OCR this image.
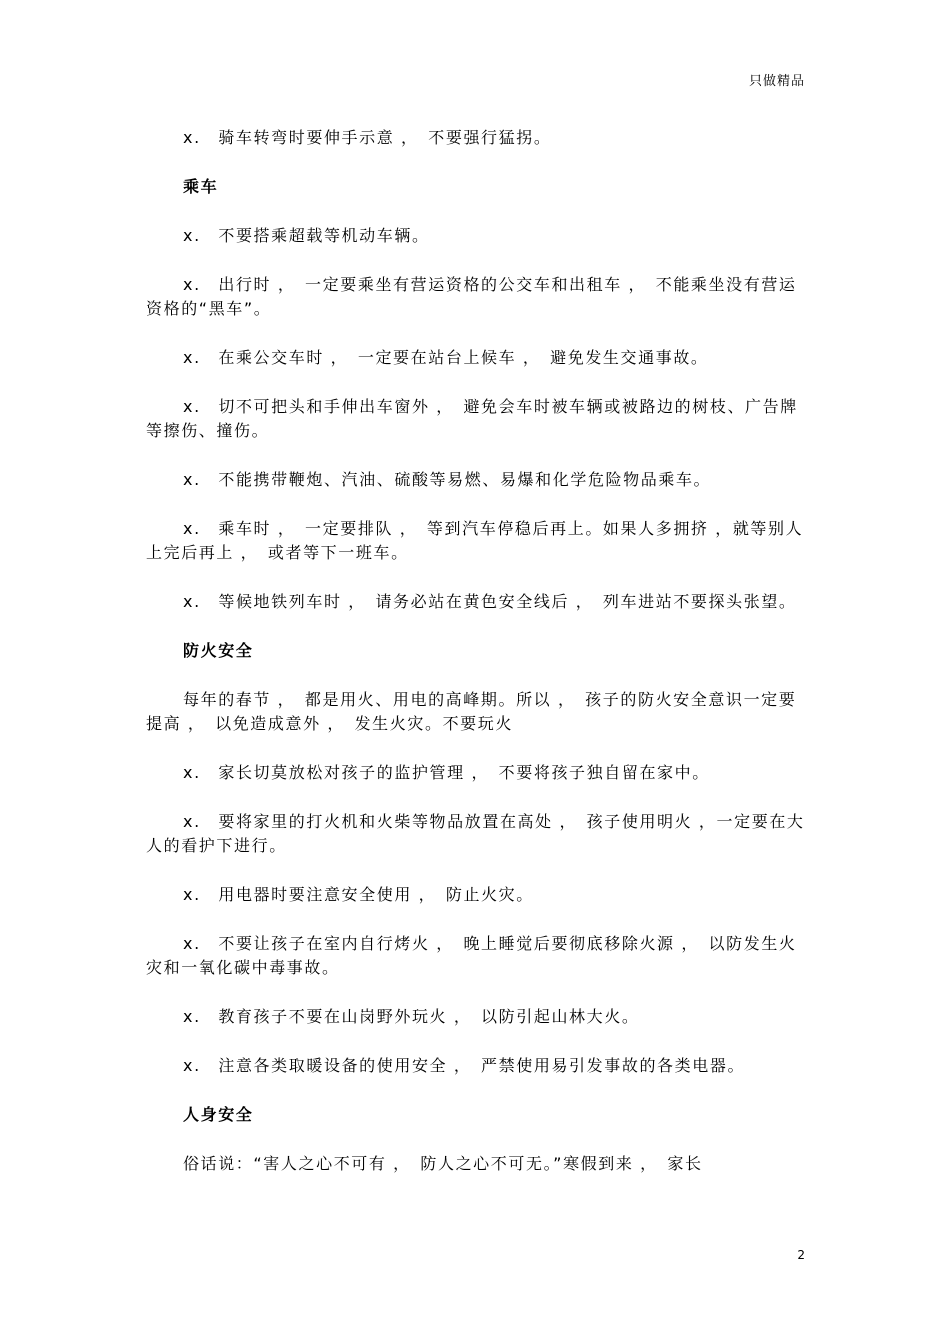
只做精品

x.　骑车转弯时要伸手示意 ，　不要强行猛拐。

乘车

x.　不要搭乘超载等机动车辆。

x.　出行时 ，　一定要乘坐有营运资格的公交车和出租车 ，　不能乘坐没有营运资格的“黑车”。

x.　在乘公交车时 ，　一定要在站台上候车 ，　避免发生交通事故。

x.　切不可把头和手伸出车窗外 ，　避免会车时被车辆或被路边的树枝、广告牌等擦伤、撞伤。

x.　不能携带鞭炮、汽油、硫酸等易燃、易爆和化学危险物品乘车。

x.　乘车时 ，　一定要排队 ，　等到汽车停稳后再上。如果人多拥挤 ，就等别人上完后再上 ，　或者等下一班车。

x.　等候地铁列车时 ，　请务必站在黄色安全线后 ，　列车进站不要探头张望。

防火安全

每年的春节 ，　都是用火、用电的高峰期。所以 ，　孩子的防火安全意识一定要提高 ，　以免造成意外 ，　发生火灾。不要玩火

x.　家长切莫放松对孩子的监护管理 ，　不要将孩子独自留在家中。

x.　要将家里的打火机和火柴等物品放置在高处 ，　孩子使用明火 ，一定要在大人的看护下进行。

x.　用电器时要注意安全使用 ，　防止火灾。

x.　不要让孩子在室内自行烤火 ，　晚上睡觉后要彻底移除火源 ，　以防发生火灾和一氧化碳中毒事故。

x.　教育孩子不要在山岗野外玩火 ，　以防引起山林大火。

x.　注意各类取暖设备的使用安全 ，　严禁使用易引发事故的各类电器。

人身安全

俗话说：“害人之心不可有 ，　防人之心不可无。”寒假到来 ，　家长

2
